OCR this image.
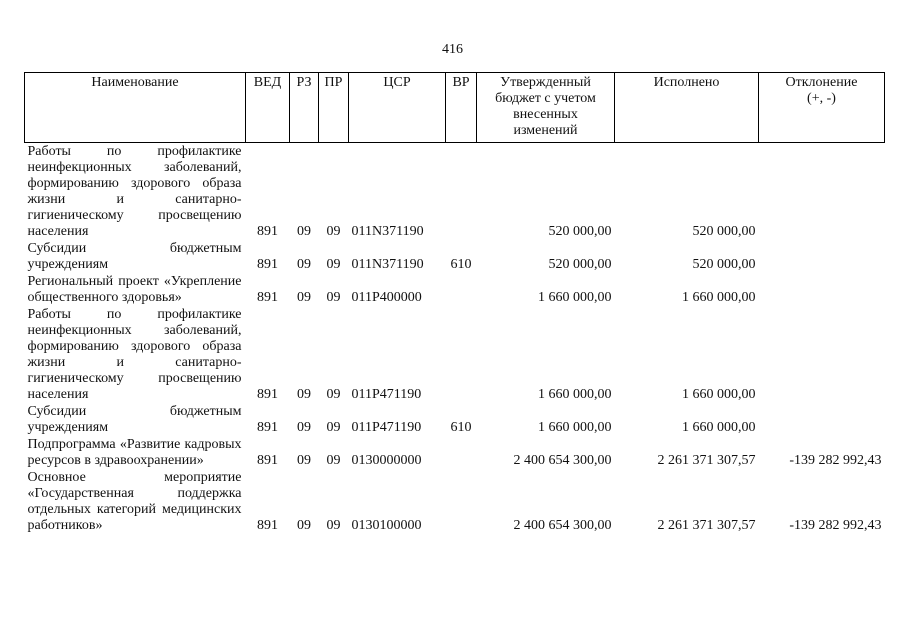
416
Наименование	ВЕД	РЗ	ПР	ЦСР	ВР	Утвержденный бюджет с учетом внесенных изменений	Исполнено	Отклонение (+, -)
Работы по профилактике неинфекционных заболеваний, формированию здорового образа жизни и санитарно-гигиеническому просвещению населения	891	09	09	011N371190		520 000,00	520 000,00	
Субсидии бюджетным учреждениям	891	09	09	011N371190	610	520 000,00	520 000,00	
Региональный проект «Укрепление общественного здоровья»	891	09	09	011P400000		1 660 000,00	1 660 000,00	
Работы по профилактике неинфекционных заболеваний, формированию здорового образа жизни и санитарно-гигиеническому просвещению населения	891	09	09	011P471190		1 660 000,00	1 660 000,00	
Субсидии бюджетным учреждениям	891	09	09	011P471190	610	1 660 000,00	1 660 000,00	
Подпрограмма «Развитие кадровых ресурсов в здравоохранении»	891	09	09	0130000000		2 400 654 300,00	2 261 371 307,57	-139 282 992,43
Основное мероприятие «Государственная поддержка отдельных категорий медицинских работников»	891	09	09	0130100000		2 400 654 300,00	2 261 371 307,57	-139 282 992,43
